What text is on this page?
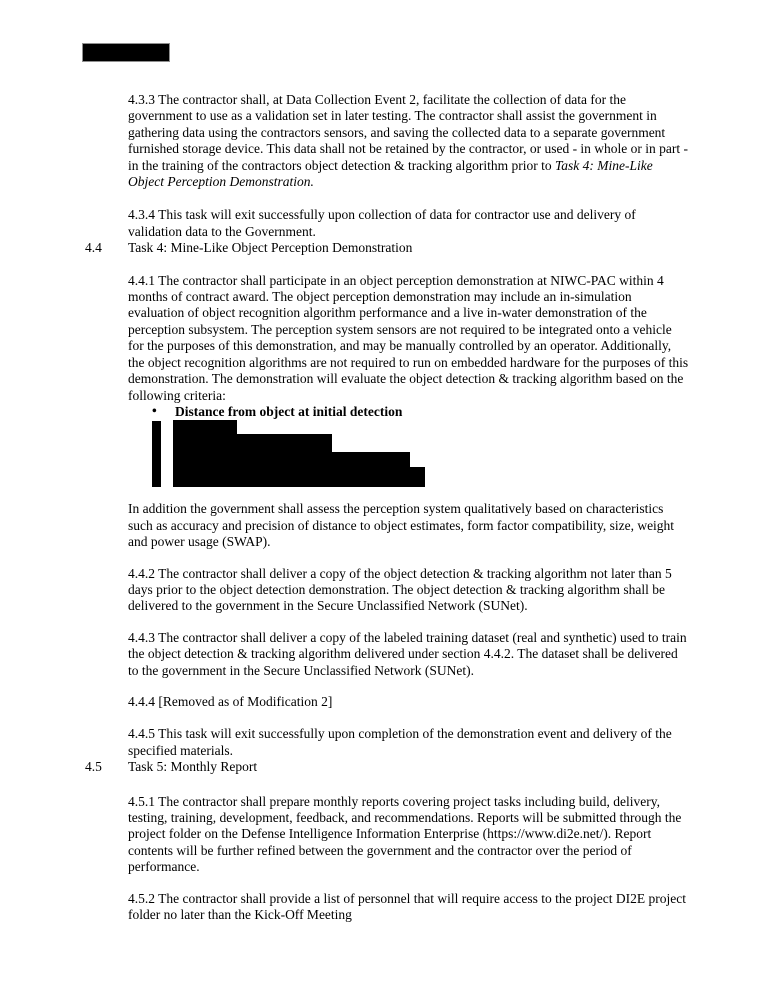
4.3.3 The contractor shall, at Data Collection Event 2, facilitate the collection of data for the government to use as a validation set in later testing. The contractor shall assist the government in gathering data using the contractors sensors, and saving the collected data to a separate government furnished storage device. This data shall not be retained by the contractor, or used - in whole or in part - in the training of the contractors object detection & tracking algorithm prior to Task 4: Mine-Like Object Perception Demonstration.

4.3.4 This task will exit successfully upon collection of data for contractor use and delivery of validation data to the Government.

4.4 Task 4: Mine-Like Object Perception Demonstration

4.4.1 The contractor shall participate in an object perception demonstration at NIWC-PAC within 4 months of contract award. The object perception demonstration may include an in-simulation evaluation of object recognition algorithm performance and a live in-water demonstration of the perception subsystem. The perception system sensors are not required to be integrated onto a vehicle for the purposes of this demonstration, and may be manually controlled by an operator. Additionally, the object recognition algorithms are not required to run on embedded hardware for the purposes of this demonstration. The demonstration will evaluate the object detection & tracking algorithm based on the following criteria:

• Distance from object at initial detection

In addition the government shall assess the perception system qualitatively based on characteristics such as accuracy and precision of distance to object estimates, form factor compatibility, size, weight and power usage (SWAP).

4.4.2 The contractor shall deliver a copy of the object detection & tracking algorithm not later than 5 days prior to the object detection demonstration. The object detection & tracking algorithm shall be delivered to the government in the Secure Unclassified Network (SUNet).

4.4.3 The contractor shall deliver a copy of the labeled training dataset (real and synthetic) used to train the object detection & tracking algorithm delivered under section 4.4.2. The dataset shall be delivered to the government in the Secure Unclassified Network (SUNet).

4.4.4 [Removed as of Modification 2]

4.4.5 This task will exit successfully upon completion of the demonstration event and delivery of the specified materials.

4.5 Task 5: Monthly Report

4.5.1 The contractor shall prepare monthly reports covering project tasks including build, delivery, testing, training, development, feedback, and recommendations. Reports will be submitted through the project folder on the Defense Intelligence Information Enterprise (https://www.di2e.net/). Report contents will be further refined between the government and the contractor over the period of performance.

4.5.2 The contractor shall provide a list of personnel that will require access to the project DI2E project folder no later than the Kick-Off Meeting
